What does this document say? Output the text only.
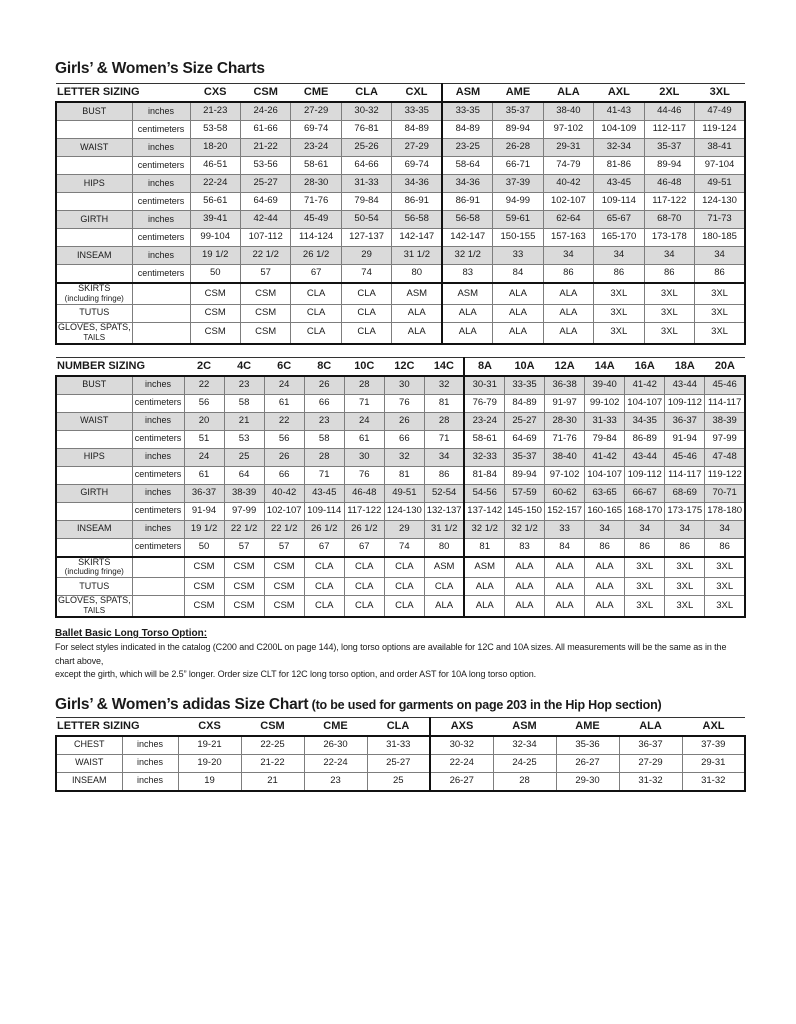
Girls’ & Women’s Size Charts
LETTER SIZING		CXS	CSM	CME	CLA	CXL	ASM	AME	ALA	AXL	2XL	3XL
BUST	inches	21-23	24-26	27-29	30-32	33-35	33-35	35-37	38-40	41-43	44-46	47-49
	centimeters	53-58	61-66	69-74	76-81	84-89	84-89	89-94	97-102	104-109	112-117	119-124
WAIST	inches	18-20	21-22	23-24	25-26	27-29	23-25	26-28	29-31	32-34	35-37	38-41
	centimeters	46-51	53-56	58-61	64-66	69-74	58-64	66-71	74-79	81-86	89-94	97-104
HIPS	inches	22-24	25-27	28-30	31-33	34-36	34-36	37-39	40-42	43-45	46-48	49-51
	centimeters	56-61	64-69	71-76	79-84	86-91	86-91	94-99	102-107	109-114	117-122	124-130
GIRTH	inches	39-41	42-44	45-49	50-54	56-58	56-58	59-61	62-64	65-67	68-70	71-73
	centimeters	99-104	107-112	114-124	127-137	142-147	142-147	150-155	157-163	165-170	173-178	180-185
INSEAM	inches	19 1/2	22 1/2	26 1/2	29	31 1/2	32 1/2	33	34	34	34	34
	centimeters	50	57	67	74	80	83	84	86	86	86	86
SKIRTS
(including fringe)		CSM	CSM	CLA	CLA	ASM	ASM	ALA	ALA	3XL	3XL	3XL
TUTUS		CSM	CSM	CLA	CLA	ALA	ALA	ALA	ALA	3XL	3XL	3XL
GLOVES, SPATS,
TAILS		CSM	CSM	CLA	CLA	ALA	ALA	ALA	ALA	3XL	3XL	3XL
NUMBER SIZING		2C	4C	6C	8C	10C	12C	14C	8A	10A	12A	14A	16A	18A	20A
BUST	inches	22	23	24	26	28	30	32	30-31	33-35	36-38	39-40	41-42	43-44	45-46
	centimeters	56	58	61	66	71	76	81	76-79	84-89	91-97	99-102	104-107	109-112	114-117
WAIST	inches	20	21	22	23	24	26	28	23-24	25-27	28-30	31-33	34-35	36-37	38-39
	centimeters	51	53	56	58	61	66	71	58-61	64-69	71-76	79-84	86-89	91-94	97-99
HIPS	inches	24	25	26	28	30	32	34	32-33	35-37	38-40	41-42	43-44	45-46	47-48
	centimeters	61	64	66	71	76	81	86	81-84	89-94	97-102	104-107	109-112	114-117	119-122
GIRTH	inches	36-37	38-39	40-42	43-45	46-48	49-51	52-54	54-56	57-59	60-62	63-65	66-67	68-69	70-71
	centimeters	91-94	97-99	102-107	109-114	117-122	124-130	132-137	137-142	145-150	152-157	160-165	168-170	173-175	178-180
INSEAM	inches	19 1/2	22 1/2	22 1/2	26 1/2	26 1/2	29	31 1/2	32 1/2	32 1/2	33	34	34	34	34
	centimeters	50	57	57	67	67	74	80	81	83	84	86	86	86	86
SKIRTS
(including fringe)		CSM	CSM	CSM	CLA	CLA	CLA	ASM	ASM	ALA	ALA	ALA	3XL	3XL	3XL
TUTUS		CSM	CSM	CSM	CLA	CLA	CLA	CLA	ALA	ALA	ALA	ALA	3XL	3XL	3XL
GLOVES, SPATS,
TAILS		CSM	CSM	CSM	CLA	CLA	CLA	ALA	ALA	ALA	ALA	ALA	3XL	3XL	3XL
Ballet Basic Long Torso Option:
For select styles indicated in the catalog (C200 and C200L on page 144), long torso options are available for 12C and 10A sizes. All measurements will be the same as in the chart above,
except the girth, which will be 2.5” longer. Order size CLT for 12C long torso option, and order AST for 10A long torso option.
Girls’ & Women’s adidas Size Chart (to be used for garments on page 203 in the Hip Hop section)
LETTER SIZING		CXS	CSM	CME	CLA	AXS	ASM	AME	ALA	AXL
CHEST	inches	19-21	22-25	26-30	31-33	30-32	32-34	35-36	36-37	37-39
WAIST	inches	19-20	21-22	22-24	25-27	22-24	24-25	26-27	27-29	29-31
INSEAM	inches	19	21	23	25	26-27	28	29-30	31-32	31-32
